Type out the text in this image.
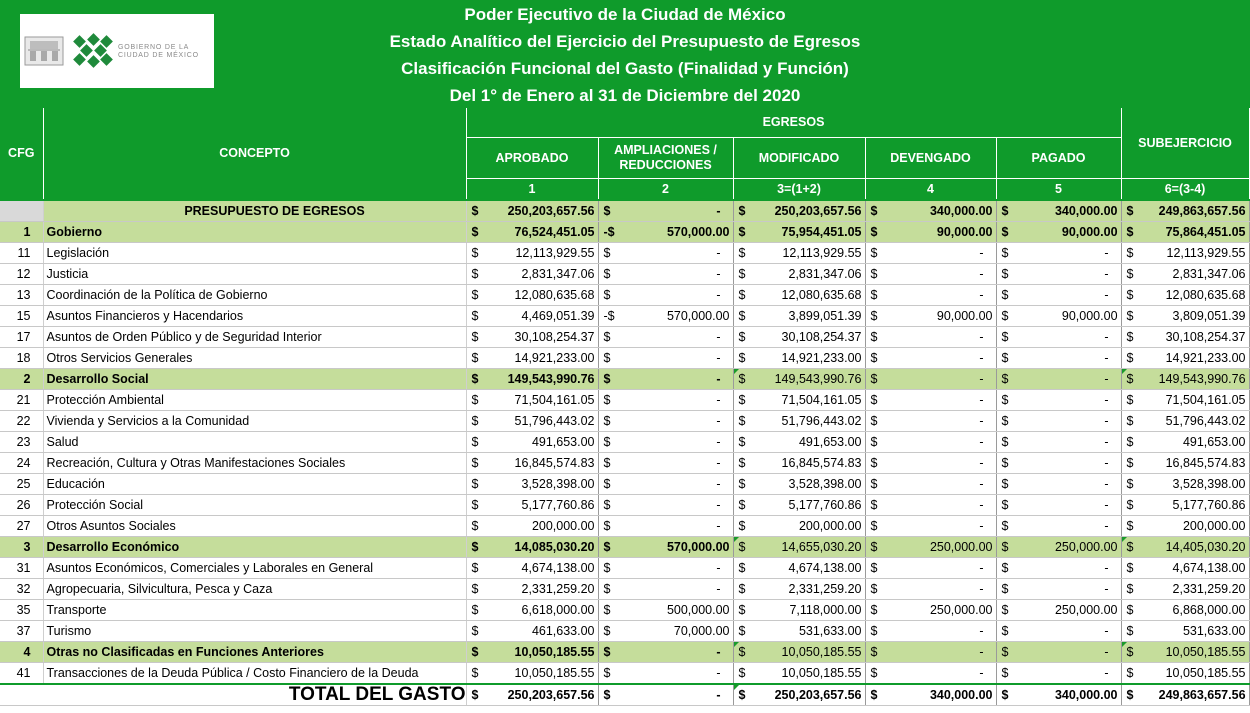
GOBIERNO DE LA
CIUDAD DE MÉXICO
Poder Ejecutivo de la Ciudad de México
Estado Analítico del Ejercicio del Presupuesto de Egresos
Clasificación Funcional del Gasto (Finalidad y Función)
Del 1° de Enero al 31 de Diciembre del 2020
CFG	CONCEPTO	EGRESOS										SUBEJERCICIO	
		APROBADO		AMPLIACIONES /
REDUCCIONES		MODIFICADO		DEVENGADO		PAGADO			
		1		2		3=(1+2)		4		5		6=(3-4)	
	PRESUPUESTO DE EGRESOS	$	250,203,657.56	$	-	$	250,203,657.56	$	340,000.00	$	340,000.00	$	249,863,657.56
1	Gobierno	$	76,524,451.05	-$	570,000.00	$	75,954,451.05	$	90,000.00	$	90,000.00	$	75,864,451.05
11	Legislación	$	12,113,929.55	$	-	$	12,113,929.55	$	-	$	-	$	12,113,929.55
12	Justicia	$	2,831,347.06	$	-	$	2,831,347.06	$	-	$	-	$	2,831,347.06
13	Coordinación de la Política de Gobierno	$	12,080,635.68	$	-	$	12,080,635.68	$	-	$	-	$	12,080,635.68
15	Asuntos Financieros y Hacendarios	$	4,469,051.39	-$	570,000.00	$	3,899,051.39	$	90,000.00	$	90,000.00	$	3,809,051.39
17	Asuntos de Orden Público y de Seguridad Interior	$	30,108,254.37	$	-	$	30,108,254.37	$	-	$	-	$	30,108,254.37
18	Otros Servicios Generales	$	14,921,233.00	$	-	$	14,921,233.00	$	-	$	-	$	14,921,233.00
2	Desarrollo Social	$	149,543,990.76	$	-	$	149,543,990.76	$	-	$	-	$	149,543,990.76
21	Protección Ambiental	$	71,504,161.05	$	-	$	71,504,161.05	$	-	$	-	$	71,504,161.05
22	Vivienda y Servicios a la Comunidad	$	51,796,443.02	$	-	$	51,796,443.02	$	-	$	-	$	51,796,443.02
23	Salud	$	491,653.00	$	-	$	491,653.00	$	-	$	-	$	491,653.00
24	Recreación, Cultura y Otras Manifestaciones Sociales	$	16,845,574.83	$	-	$	16,845,574.83	$	-	$	-	$	16,845,574.83
25	Educación	$	3,528,398.00	$	-	$	3,528,398.00	$	-	$	-	$	3,528,398.00
26	Protección Social	$	5,177,760.86	$	-	$	5,177,760.86	$	-	$	-	$	5,177,760.86
27	Otros Asuntos Sociales	$	200,000.00	$	-	$	200,000.00	$	-	$	-	$	200,000.00
3	Desarrollo Económico	$	14,085,030.20	$	570,000.00	$	14,655,030.20	$	250,000.00	$	250,000.00	$	14,405,030.20
31	Asuntos Económicos, Comerciales y Laborales en General	$	4,674,138.00	$	-	$	4,674,138.00	$	-	$	-	$	4,674,138.00
32	Agropecuaria, Silvicultura, Pesca y Caza	$	2,331,259.20	$	-	$	2,331,259.20	$	-	$	-	$	2,331,259.20
35	Transporte	$	6,618,000.00	$	500,000.00	$	7,118,000.00	$	250,000.00	$	250,000.00	$	6,868,000.00
37	Turismo	$	461,633.00	$	70,000.00	$	531,633.00	$	-	$	-	$	531,633.00
4	Otras no Clasificadas en Funciones Anteriores	$	10,050,185.55	$	-	$	10,050,185.55	$	-	$	-	$	10,050,185.55
41	Transacciones de la Deuda Pública / Costo Financiero de la Deuda	$	10,050,185.55	$	-	$	10,050,185.55	$	-	$	-	$	10,050,185.55
TOTAL DEL GASTO		$	250,203,657.56	$	-	$	250,203,657.56	$	340,000.00	$	340,000.00	$	249,863,657.56
